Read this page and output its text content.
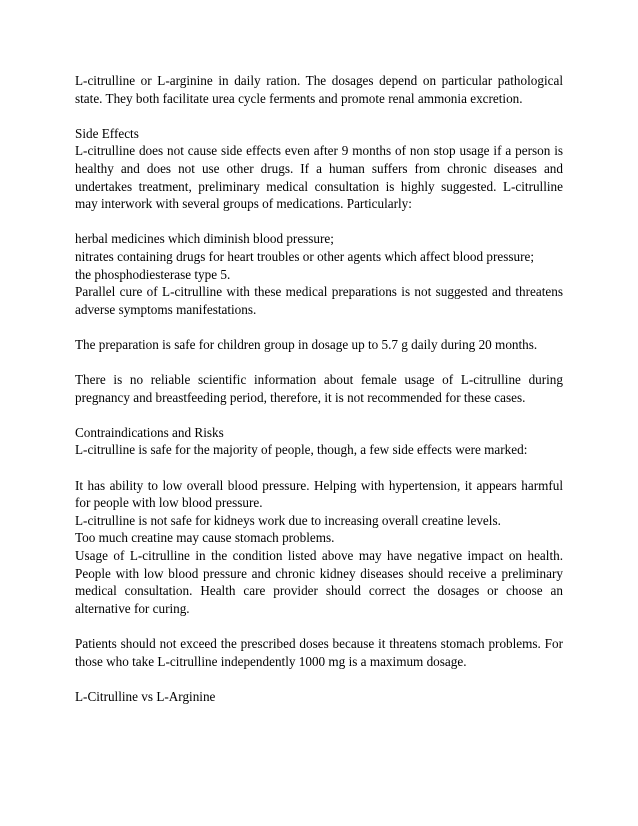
L-citrulline or L-arginine in daily ration. The dosages depend on particular pathological state. They both facilitate urea cycle ferments and promote renal ammonia excretion.

Side Effects

L-citrulline does not cause side effects even after 9 months of non stop usage if a person is healthy and does not use other drugs. If a human suffers from chronic diseases and undertakes treatment, preliminary medical consultation is highly suggested. L-citrulline may interwork with several groups of medications. Particularly:

herbal medicines which diminish blood pressure;

nitrates containing drugs for heart troubles or other agents which affect blood pressure;

the phosphodiesterase type 5.

Parallel cure of L-citrulline with these medical preparations is not suggested and threatens adverse symptoms manifestations.

The preparation is safe for children group in dosage up to 5.7 g daily during 20 months.

There is no reliable scientific information about female usage of L-citrulline during pregnancy and breastfeeding period, therefore, it is not recommended for these cases.

Contraindications and Risks

L-citrulline is safe for the majority of people, though, a few side effects were marked:

It has ability to low overall blood pressure. Helping with hypertension, it appears harmful for people with low blood pressure.

L-citrulline is not safe for kidneys work due to increasing overall creatine levels.

Too much creatine may cause stomach problems.

Usage of L-citrulline in the condition listed above may have negative impact on health. People with low blood pressure and chronic kidney diseases should receive a preliminary medical consultation. Health care provider should correct the dosages or choose an alternative for curing.

Patients should not exceed the prescribed doses because it threatens stomach problems. For those who take L-citrulline independently 1000 mg is a maximum dosage.

L-Citrulline vs L-Arginine
